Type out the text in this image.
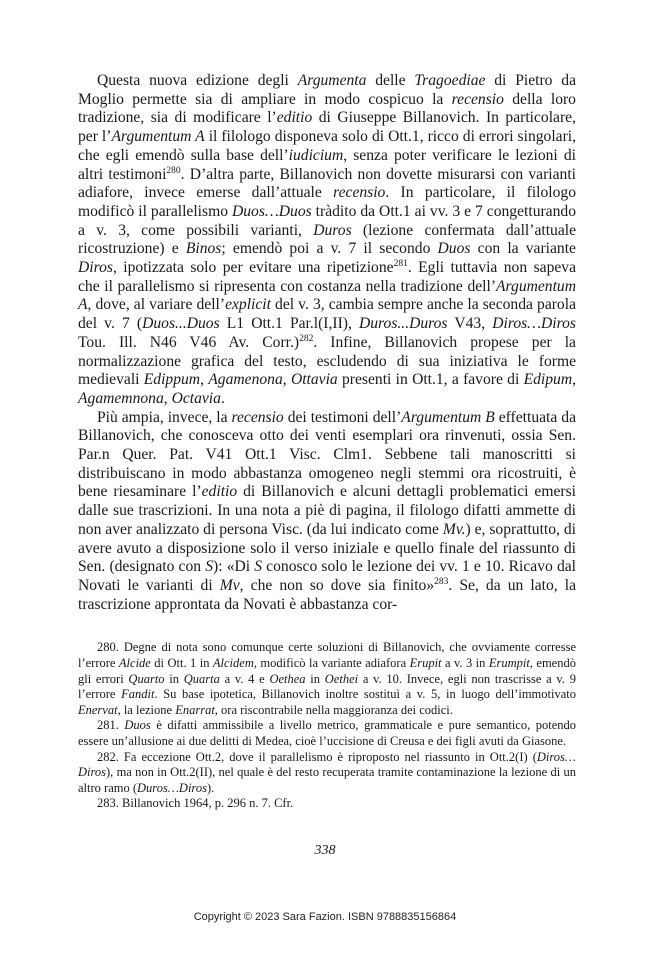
Questa nuova edizione degli Argumenta delle Tragoediae di Pietro da Moglio permette sia di ampliare in modo cospicuo la recensio della loro tradizione, sia di modificare l’editio di Giuseppe Billanovich. In particolare, per l’Argumentum A il filologo disponeva solo di Ott.1, ricco di errori singolari, che egli emendò sulla base dell’iudicium, senza poter verificare le lezioni di altri testimoni$^{280}$. D’altra parte, Billanovich non dovette misurarsi con varianti adiafore, invece emerse dall’attuale recensio. In particolare, il filologo modificò il parallelismo Duos…Duos tràdito da Ott.1 ai vv. 3 e 7 congetturando a v. 3, come possibili varianti, Duros (lezione confermata dall’attuale ricostruzione) e Binos; emendò poi a v. 7 il secondo Duos con la variante Diros, ipotizzata solo per evitare una ripetizione$^{281}$. Egli tuttavia non sapeva che il parallelismo si ripresenta con costanza nella tradizione dell’Argumentum A, dove, al variare dell’explicit del v. 3, cambia sempre anche la seconda parola del v. 7 (Duos...Duos L1 Ott.1 Par.l(I,II), Duros...Duros V43, Diros…Diros Tou. Ill. N46 V46 Av. Corr.)$^{282}$. Infine, Billanovich propese per la normalizzazione grafica del testo, escludendo di sua iniziativa le forme medievali Edippum, Agamenona, Ottavia presenti in Ott.1, a favore di Edipum, Agamemnona, Octavia.

Più ampia, invece, la recensio dei testimoni dell’Argumentum B effettuata da Billanovich, che conosceva otto dei venti esemplari ora rinvenuti, ossia Sen. Par.n Quer. Pat. V41 Ott.1 Visc. Clm1. Sebbene tali manoscritti si distribuiscano in modo abbastanza omogeneo negli stemmi ora ricostruiti, è bene riesaminare l’editio di Billanovich e alcuni dettagli problematici emersi dalle sue trascrizioni. In una nota a piè di pagina, il filologo difatti ammette di non aver analizzato di persona Visc. (da lui indicato come Mv.) e, soprattutto, di avere avuto a disposizione solo il verso iniziale e quello finale del riassunto di Sen. (designato con S): «Di S conosco solo le lezione dei vv. 1 e 10. Ricavo dal Novati le varianti di Mv, che non so dove sia finito»$^{283}$. Se, da un lato, la trascrizione approntata da Novati è abbastanza cor-

280. Degne di nota sono comunque certe soluzioni di Billanovich, che ovviamente corresse l’errore Alcide di Ott. 1 in Alcidem, modificò la variante adiafora Erupit a v. 3 in Erumpit, emendò gli errori Quarto in Quarta a v. 4 e Oethea in Oethei a v. 10. Invece, egli non trascrisse a v. 9 l’errore Fandit. Su base ipotetica, Billanovich inoltre sostituì a v. 5, in luogo dell’immotivato Enervat, la lezione Enarrat, ora riscontrabile nella maggioranza dei codici.

281. Duos è difatti ammissibile a livello metrico, grammaticale e pure semantico, potendo essere un’allusione ai due delitti di Medea, cioè l’uccisione di Creusa e dei figli avuti da Giasone.

282. Fa eccezione Ott.2, dove il parallelismo è riproposto nel riassunto in Ott.2(I) (Diros…Diros), ma non in Ott.2(II), nel quale è del resto recuperata tramite contaminazione la lezione di un altro ramo (Duros…Diros).

283. Billanovich 1964, p. 296 n. 7. Cfr.

338
Copyright © 2023 Sara Fazion. ISBN 9788835156864
